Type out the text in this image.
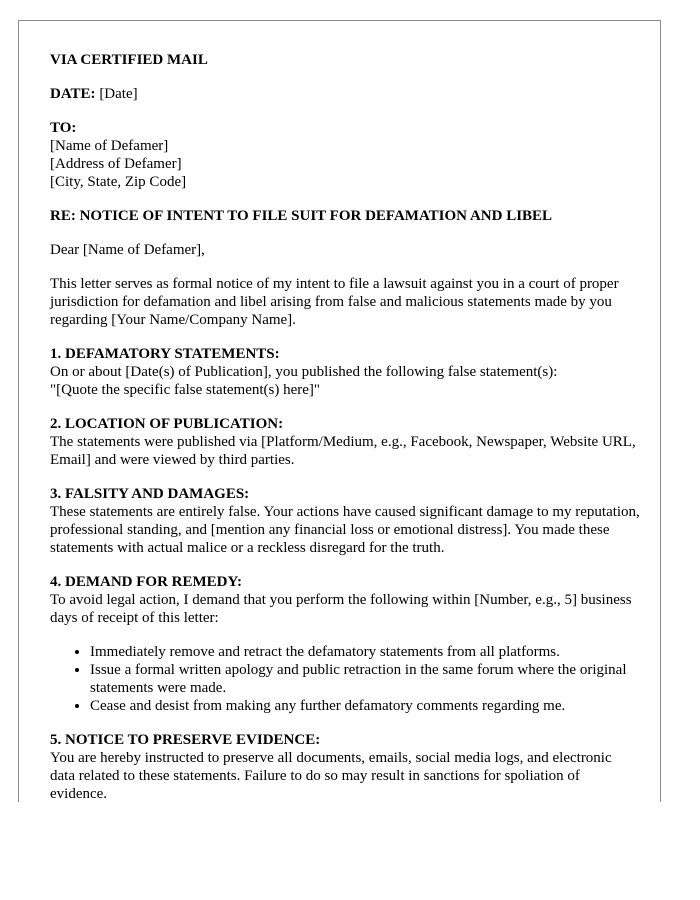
VIA CERTIFIED MAIL
DATE: [Date]
TO:
[Name of Defamer]
[Address of Defamer]
[City, State, Zip Code]
RE: NOTICE OF INTENT TO FILE SUIT FOR DEFAMATION AND LIBEL
Dear [Name of Defamer],
This letter serves as formal notice of my intent to file a lawsuit against you in a court of proper jurisdiction for defamation and libel arising from false and malicious statements made by you regarding [Your Name/Company Name].
1. DEFAMATORY STATEMENTS:
On or about [Date(s) of Publication], you published the following false statement(s):
"[Quote the specific false statement(s) here]"
2. LOCATION OF PUBLICATION:
The statements were published via [Platform/Medium, e.g., Facebook, Newspaper, Website URL, Email] and were viewed by third parties.
3. FALSITY AND DAMAGES:
These statements are entirely false. Your actions have caused significant damage to my reputation, professional standing, and [mention any financial loss or emotional distress]. You made these statements with actual malice or a reckless disregard for the truth.
4. DEMAND FOR REMEDY:
To avoid legal action, I demand that you perform the following within [Number, e.g., 5] business days of receipt of this letter:
• Immediately remove and retract the defamatory statements from all platforms.
• Issue a formal written apology and public retraction in the same forum where the original statements were made.
• Cease and desist from making any further defamatory comments regarding me.
5. NOTICE TO PRESERVE EVIDENCE:
You are hereby instructed to preserve all documents, emails, social media logs, and electronic data related to these statements. Failure to do so may result in sanctions for spoliation of evidence.
